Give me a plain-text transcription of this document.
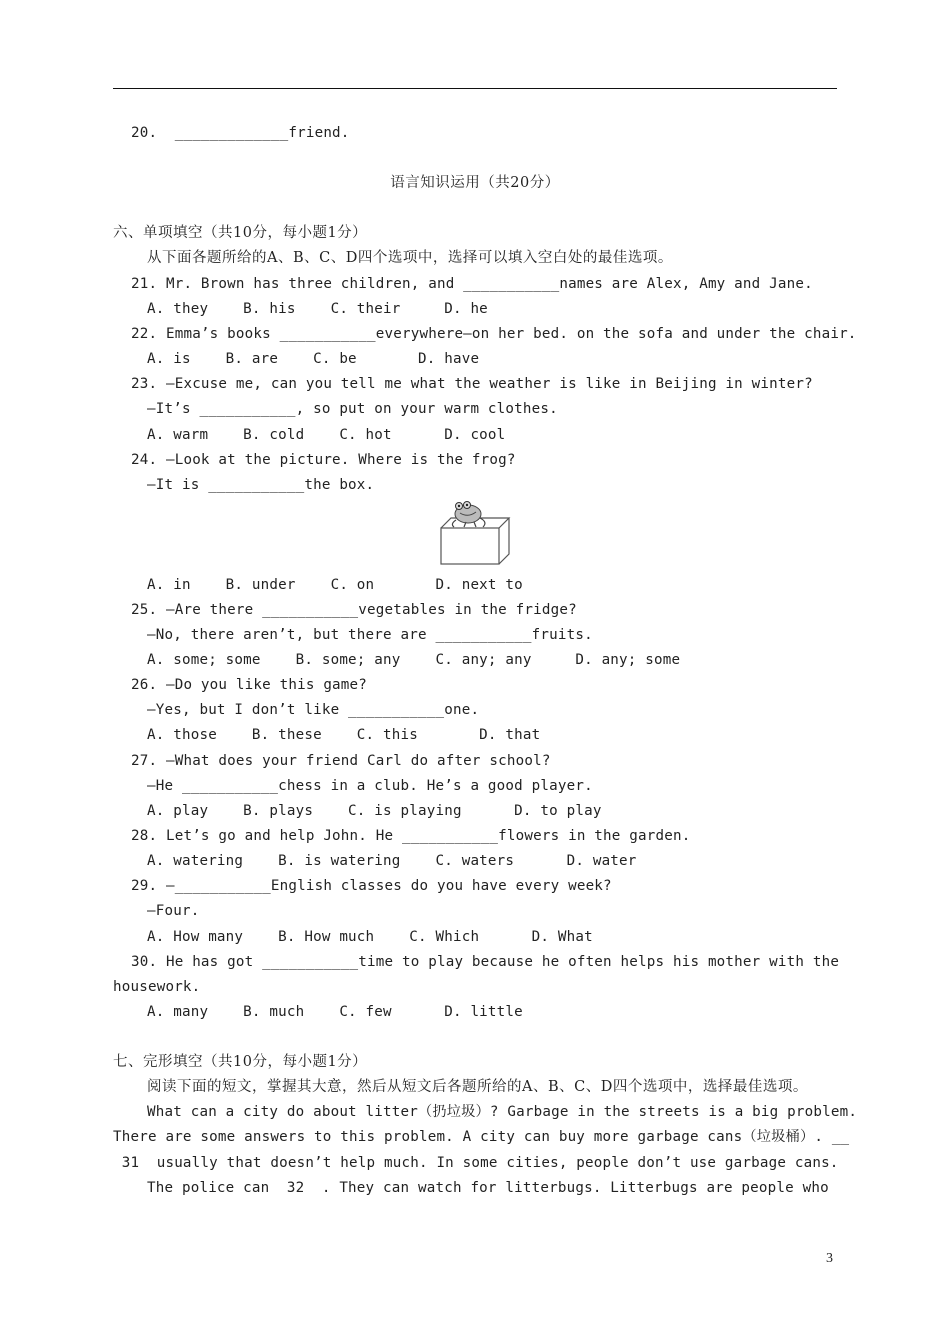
20.  _____________friend.
语言知识运用（共20分）
六、单项填空（共10分，每小题1分）
从下面各题所给的A、B、C、D四个选项中，选择可以填入空白处的最佳选项。
21. Mr. Brown has three children, and ___________names are Alex, Amy and Jane.
A. they    B. his    C. their     D. he
22. Emma’s books ___________everywhere—on her bed. on the sofa and under the chair.
A. is    B. are    C. be       D. have
23. —Excuse me, can you tell me what the weather is like in Beijing in winter?
—It’s ___________, so put on your warm clothes.
A. warm    B. cold    C. hot      D. cool
24. —Look at the picture. Where is the frog?
—It is ___________the box.
A. in    B. under    C. on       D. next to
25. —Are there ___________vegetables in the fridge?
—No, there aren’t, but there are ___________fruits.
A. some; some    B. some; any    C. any; any     D. any; some
26. —Do you like this game?
—Yes, but I don’t like ___________one.
A. those    B. these    C. this       D. that
27. —What does your friend Carl do after school?
—He ___________chess in a club. He’s a good player.
A. play    B. plays    C. is playing      D. to play
28. Let’s go and help John. He ___________flowers in the garden.
A. watering    B. is watering    C. waters      D. water
29. —___________English classes do you have every week?
—Four.
A. How many    B. How much    C. Which      D. What
30. He has got ___________time to play because he often helps his mother with the
housework.
A. many    B. much    C. few      D. little
七、完形填空（共10分，每小题1分）
阅读下面的短文，掌握其大意，然后从短文后各题所给的A、B、C、D四个选项中，选择最佳选项。
What can a city do about litter（扔垃圾）? Garbage in the streets is a big problem.
There are some answers to this problem. A city can buy more garbage cans（垃圾桶）. __
31  usually that doesn’t help much. In some cities, people don’t use garbage cans.
The police can  32  . They can watch for litterbugs. Litterbugs are people who
3
